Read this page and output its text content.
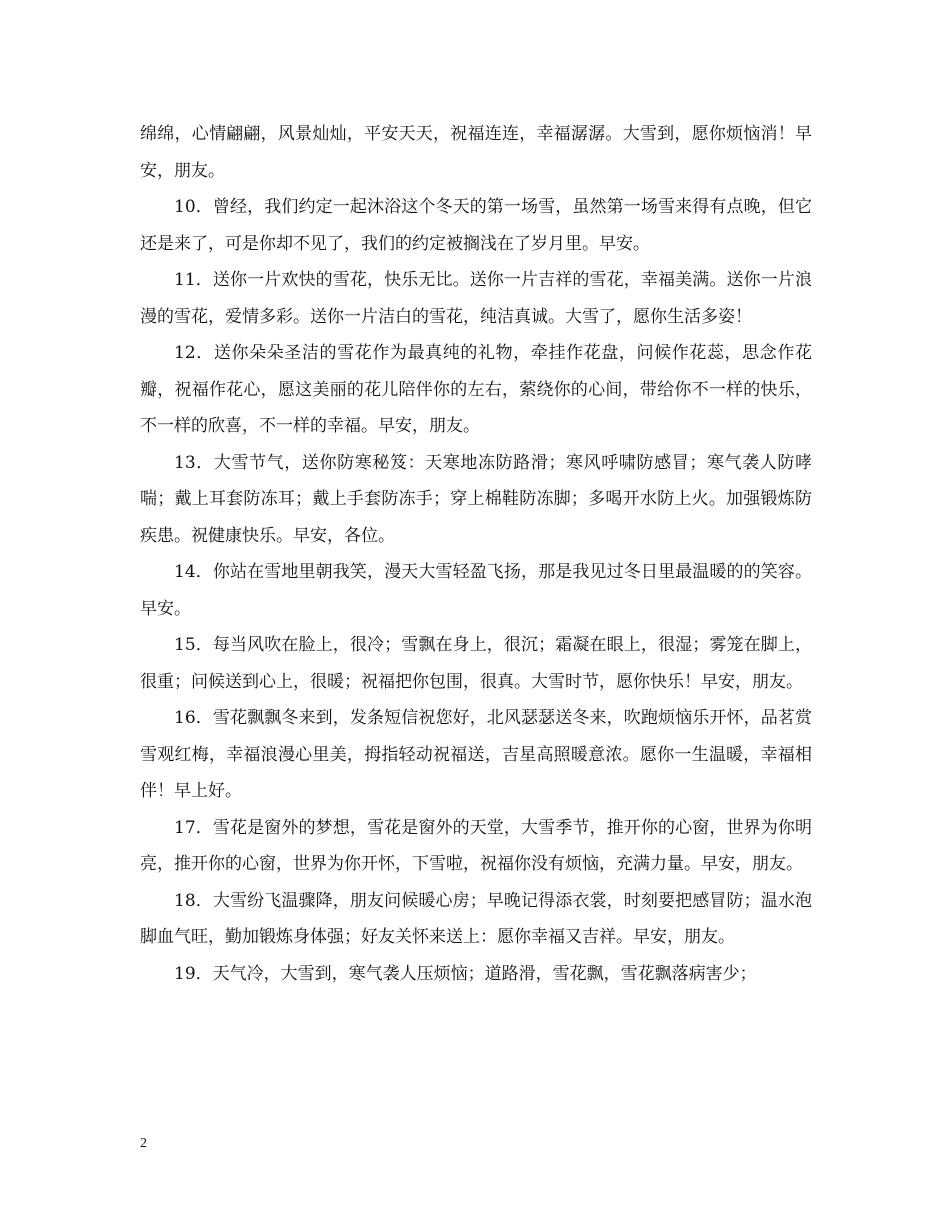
绵绵，心情翩翩，风景灿灿，平安天天，祝福连连，幸福潺潺。大雪到，愿你烦恼消！早安，朋友。

10．曾经，我们约定一起沐浴这个冬天的第一场雪，虽然第一场雪来得有点晚，但它还是来了，可是你却不见了，我们的约定被搁浅在了岁月里。早安。

11．送你一片欢快的雪花，快乐无比。送你一片吉祥的雪花，幸福美满。送你一片浪漫的雪花，爱情多彩。送你一片洁白的雪花，纯洁真诚。大雪了，愿你生活多姿！

12．送你朵朵圣洁的雪花作为最真纯的礼物，牵挂作花盘，问候作花蕊，思念作花瓣，祝福作花心，愿这美丽的花儿陪伴你的左右，萦绕你的心间，带给你不一样的快乐，不一样的欣喜，不一样的幸福。早安，朋友。

13．大雪节气，送你防寒秘笈：天寒地冻防路滑；寒风呼啸防感冒；寒气袭人防哮喘；戴上耳套防冻耳；戴上手套防冻手；穿上棉鞋防冻脚；多喝开水防上火。加强锻炼防疾患。祝健康快乐。早安，各位。

14．你站在雪地里朝我笑，漫天大雪轻盈飞扬，那是我见过冬日里最温暖的的笑容。早安。

15．每当风吹在脸上，很冷；雪飘在身上，很沉；霜凝在眼上，很湿；雾笼在脚上，很重；问候送到心上，很暖；祝福把你包围，很真。大雪时节，愿你快乐！早安，朋友。

16．雪花飘飘冬来到，发条短信祝您好，北风瑟瑟送冬来，吹跑烦恼乐开怀，品茗赏雪观红梅，幸福浪漫心里美，拇指轻动祝福送，吉星高照暖意浓。愿你一生温暖，幸福相伴！早上好。

17．雪花是窗外的梦想，雪花是窗外的天堂，大雪季节，推开你的心窗，世界为你明亮，推开你的心窗，世界为你开怀，下雪啦，祝福你没有烦恼，充满力量。早安，朋友。

18．大雪纷飞温骤降，朋友问候暖心房；早晚记得添衣裳，时刻要把感冒防；温水泡脚血气旺，勤加锻炼身体强；好友关怀来送上：愿你幸福又吉祥。早安，朋友。

19．天气冷，大雪到，寒气袭人压烦恼；道路滑，雪花飘，雪花飘落病害少；

2
